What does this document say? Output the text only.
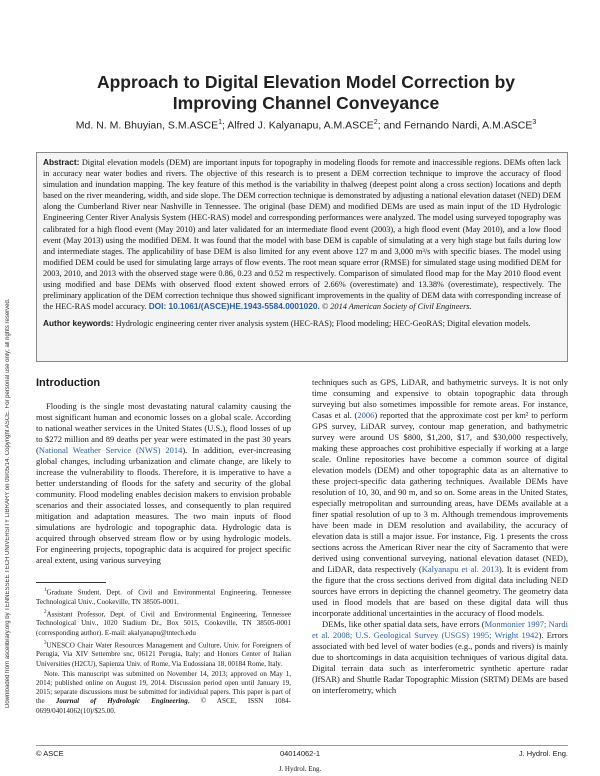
Downloaded from ascelibrary.org by TENNESSEE TECH UNIVERSITY LIBRARY on 09/05/14. Copyright ASCE. For personal use only; all rights reserved.
Approach to Digital Elevation Model Correction by Improving Channel Conveyance
Md. N. M. Bhuyian, S.M.ASCE$^1$; Alfred J. Kalyanapu, A.M.ASCE$^2$; and Fernando Nardi, A.M.ASCE$^3$

Abstract: Digital elevation models (DEM) are important inputs for topography in modeling floods for remote and inaccessible regions. DEMs often lack in accuracy near water bodies and rivers. The objective of this research is to present a DEM correction technique to improve the accuracy of flood simulation and inundation mapping. The key feature of this method is the variability in thalweg (deepest point along a cross section) locations and depth based on the river meandering, width, and side slope. The DEM correction technique is demonstrated by adjusting a national elevation dataset (NED) DEM along the Cumberland River near Nashville in Tennessee. The original (base DEM) and modified DEMs are used as main input of the 1D Hydrologic Engineering Center River Analysis System (HEC-RAS) model and corresponding performances were analyzed. The model using surveyed topography was calibrated for a high flood event (May 2010) and later validated for an intermediate flood event (2003), a high flood event (May 2010), and a low flood event (May 2013) using the modified DEM. It was found that the model with base DEM is capable of simulating at a very high stage but fails during low and intermediate stages. The applicability of base DEM is also limited for any event above 127 m and 3,000 m³/s with specific biases. The model using modified DEM could be used for simulating large arrays of flow events. The root mean square error (RMSE) for simulated stage using modified DEM for 2003, 2010, and 2013 with the observed stage were 0.86, 0.23 and 0.52 m respectively. Comparison of simulated flood map for the May 2010 flood event using modified and base DEMs with observed flood extent showed errors of 2.66% (overestimate) and 13.38% (overestimate), respectively. The preliminary application of the DEM correction technique thus showed significant improvements in the quality of DEM data with corresponding increase of the HEC-RAS model accuracy. DOI: 10.1061/(ASCE)HE.1943-5584.0001020. © 2014 American Society of Civil Engineers.

Author keywords: Hydrologic engineering center river analysis system (HEC-RAS); Flood modeling; HEC-GeoRAS; Digital elevation models.

Introduction

Flooding is the single most devastating natural calamity causing the most significant human and economic losses on a global scale. According to national weather services in the United States (U.S.), flood losses of up to $272 million and 89 deaths per year were estimated in the past 30 years (National Weather Service (NWS) 2014). In addition, ever-increasing global changes, including urbanization and climate change, are likely to increase the vulnerability to floods. Therefore, it is imperative to have a better understanding of floods for the safety and security of the global community. Flood modeling enables decision makers to envision probable scenarios and their associated losses, and consequently to plan required mitigation and adaptation measures. The two main inputs of flood simulations are hydrologic and topographic data. Hydrologic data is acquired through observed stream flow or by using hydrologic models. For engineering projects, topographic data is acquired for project specific areal extent, using various surveying

techniques such as GPS, LiDAR, and bathymetric surveys. It is not only time consuming and expensive to obtain topographic data through surveying but also sometimes impossible for remote areas. For instance, Casas et al. (2006) reported that the approximate cost per km² to perform GPS survey, LiDAR survey, contour map generation, and bathymetric survey were around US $800, $1,200, $17, and $30,000 respectively, making these approaches cost prohibitive especially if working at a large scale. Online repositories have become a common source of digital elevation models (DEM) and other topographic data as an alternative to these project-specific data gathering techniques. Available DEMs have resolution of 10, 30, and 90 m, and so on. Some areas in the United States, especially metropolitan and surrounding areas, have DEMs available at a finer spatial resolution of up to 3 m. Although tremendous improvements have been made in DEM resolution and availability, the accuracy of elevation data is still a major issue. For instance, Fig. 1 presents the cross sections across the American River near the city of Sacramento that were derived using conventional surveying, national elevation dataset (NED), and LiDAR, data respectively (Kalyanapu et al. 2013). It is evident from the figure that the cross sections derived from digital data including NED sources have errors in depicting the channel geometry. The geometry data used in flood models that are based on these digital data will thus incorporate additional uncertainties in the accuracy of flood models.

DEMs, like other spatial data sets, have errors (Monmonier 1997; Nardi et al. 2008; U.S. Geological Survey (USGS) 1995; Wright 1942). Errors associated with bed level of water bodies (e.g., ponds and rivers) is mainly due to shortcomings in data acquisition techniques of various digital data. Digital terrain data such as interferometric synthetic aperture radar (IfSAR) and Shuttle Radar Topographic Mission (SRTM) DEMs are based on interferometry, which

$^1$Graduate Student, Dept. of Civil and Environmental Engineering, Tennessee Technological Univ., Cookeville, TN 38505-0001.

$^2$Assistant Professor, Dept. of Civil and Environmental Engineering, Tennessee Technological Univ., 1020 Stadium Dr., Box 5015, Cookeville, TN 38505-0001 (corresponding author). E-mail: akalyanapu@tntech.edu

$^3$UNESCO Chair Water Resources Management and Culture, Univ. for Foreigners of Perugia, Via XIV Settembre snc, 06121 Perugia, Italy; and Honors Center of Italian Universities (H2CU), Sapienza Univ. of Rome, Via Eudossiana 18, 00184 Rome, Italy.

Note. This manuscript was submitted on November 14, 2013; approved on May 1, 2014; published online on August 19, 2014. Discussion period open until January 19, 2015; separate discussions must be submitted for individual papers. This paper is part of the Journal of Hydrologic Engineering, © ASCE, ISSN 1084-0699/04014062(10)/$25.00.

© ASCE	04014062-1	J. Hydrol. Eng.
J. Hydrol. Eng.
